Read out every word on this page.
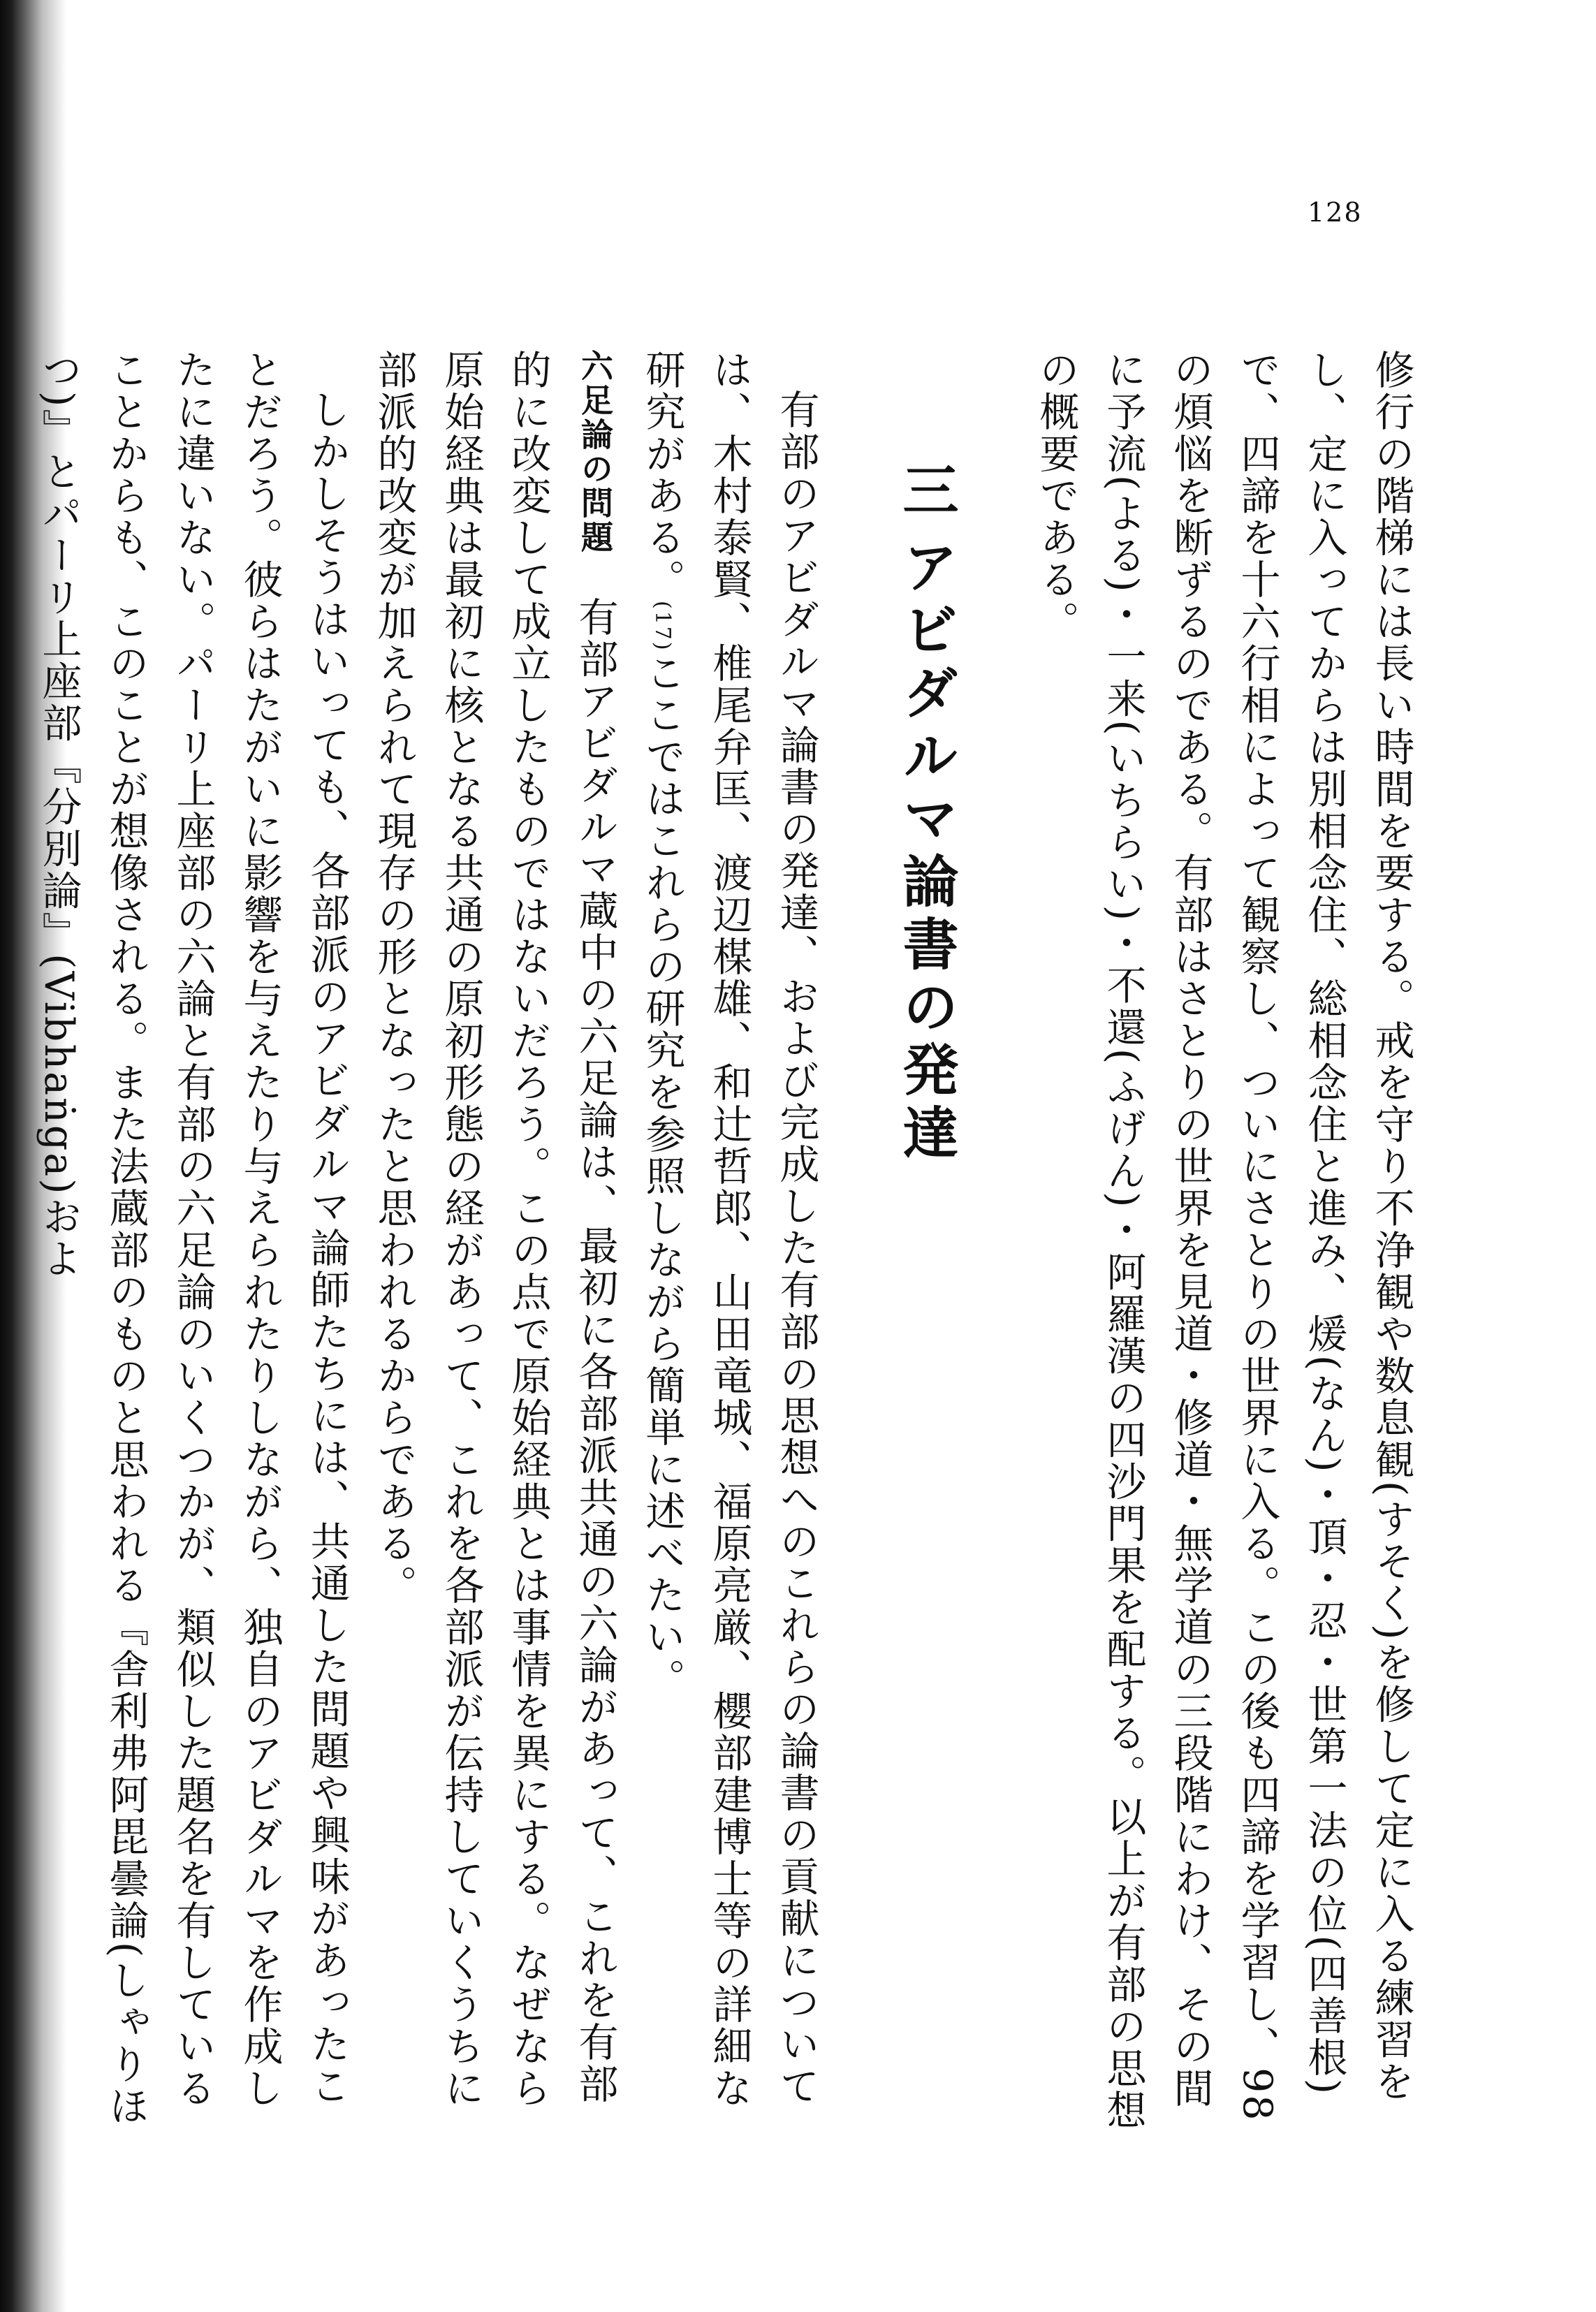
128

修行の階梯には長い時間を要する。戒を守り不浄観や数息観(すそく)を修して定に入る練習をし、定に入ってからは別相念住、総相念住と進み、煖(なん)・頂・忍・世第一法の位(四善根)で、四諦を十六行相によって観察し、ついにさとりの世界に入る。この後も四諦を学習し、98の煩悩を断ずるのである。有部はさとりの世界を見道・修道・無学道の三段階にわけ、その間に予流(よる)・一来(いちらい)・不還(ふげん)・阿羅漢の四沙門果を配する。以上が有部の思想の概要である。

三アビダルマ論書の発達

有部のアビダルマ論書の発達、および完成した有部の思想へのこれらの論書の貢献については、木村泰賢、椎尾弁匡、渡辺楳雄、和辻哲郎、山田竜城、福原亮厳、櫻部建博士等の詳細な研究がある。(17)ここではこれらの研究を参照しながら簡単に述べたい。

六足論の問題　有部アビダルマ蔵中の六足論は、最初に各部派共通の六論があって、これを有部的に改変して成立したものではないだろう。この点で原始経典とは事情を異にする。なぜなら原始経典は最初に核となる共通の原初形態の経があって、これを各部派が伝持していくうちに部派的改変が加えられて現存の形となったと思われるからである。

しかしそうはいっても、各部派のアビダルマ論師たちには、共通した問題や興味があったことだろう。彼らはたがいに影響を与えたり与えられたりしながら、独自のアビダルマを作成したに違いない。パーリ上座部の六論と有部の六足論のいくつかが、類似した題名を有していることからも、このことが想像される。また法蔵部のものと思われる『舎利弗阿毘曇論(しゃりほつ)』とパーリ上座部『分別論』(Vibhaṅga)およ
